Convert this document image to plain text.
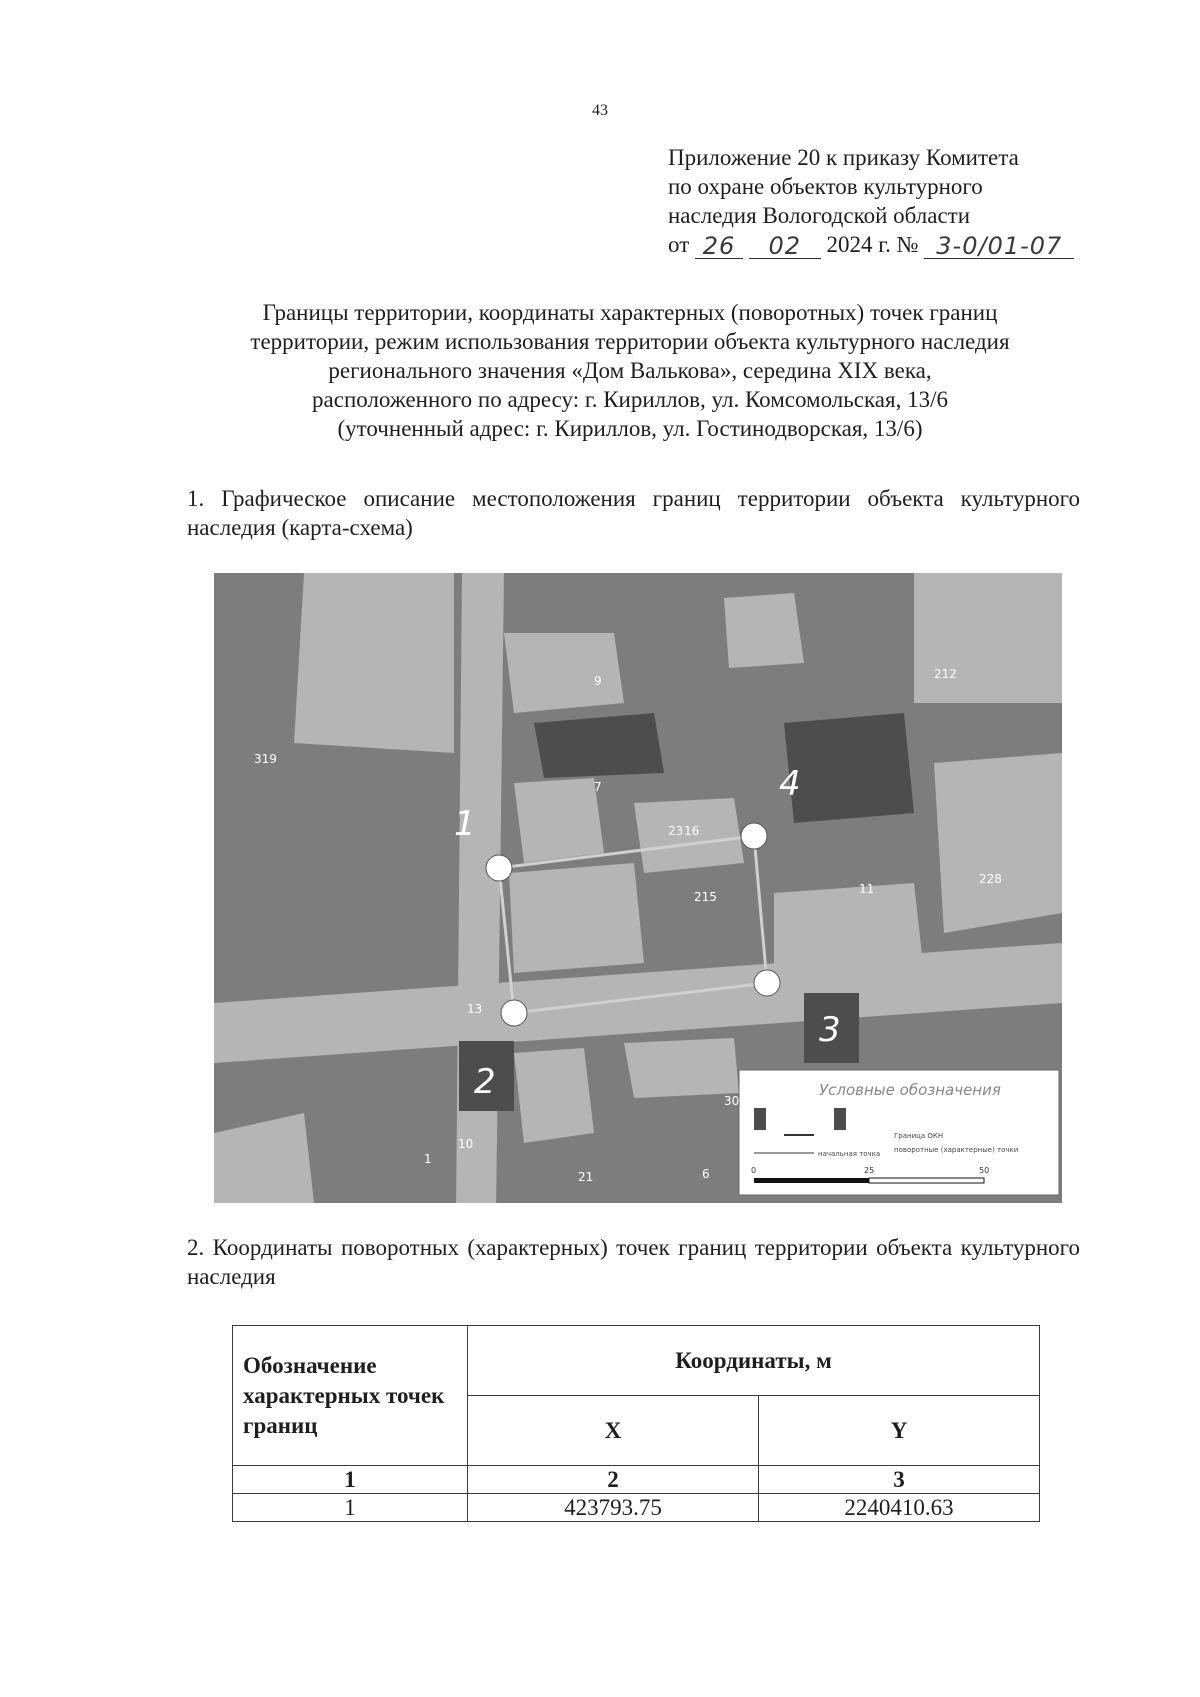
43
Приложение 20 к приказу Комитета
по охране объектов культурного
наследия Вологодской области
от 26 02 2024 г. № 3-0/01-07
Границы территории, координаты характерных (поворотных) точек границ
территории, режим использования территории объекта культурного наследия
регионального значения «Дом Валькова», середина XIX века,
расположенного по адресу: г. Кириллов, ул. Комсомольская, 13/6
(уточненный адрес: г. Кириллов, ул. Гостинодворская, 13/6)
1. Графическое описание местоположения границ территории объекта культурного наследия (карта-схема)
1
2
3
4
319
9
7
212
16
11
228
215
13
21
30
1
10
23
6
Условные обозначения
Граница ОКН
поворотные (характерные) точки
начальная точка
0	25	50
2. Координаты поворотных (характерных) точек границ территории объекта культурного наследия
Обозначение характерных точек границ	Координаты, м	
	X	Y
1	2	3
1	423793.75	2240410.63
